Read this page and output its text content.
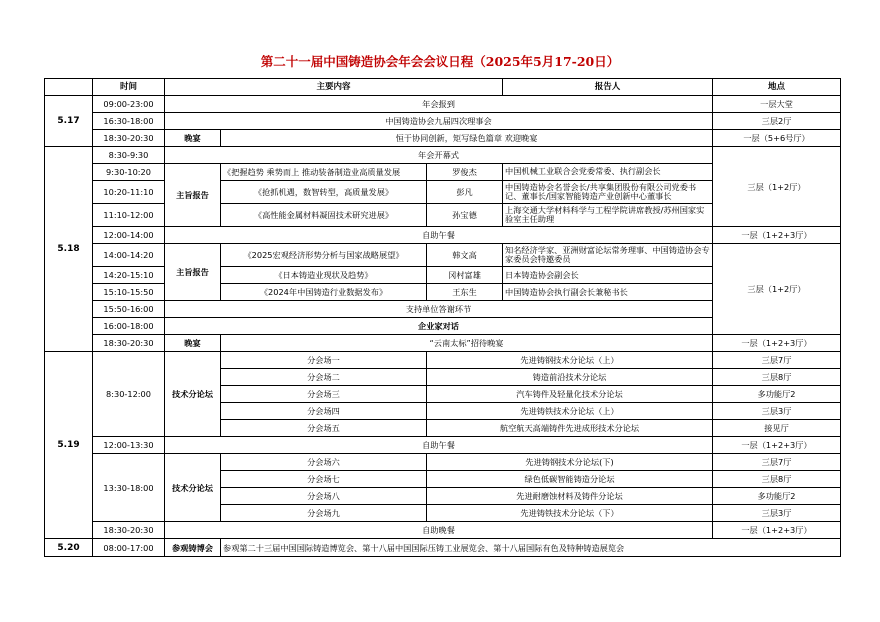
第二十一届中国铸造协会年会会议日程（2025年5月17-20日）
	时间	主要内容			报告人	地点
5.17	09:00-23:00	年会报到				一层大堂
	16:30-18:00	中国铸造协会九届四次理事会				三层2厅
	18:30-20:30	晚宴	恒于协同创新，矩写绿色篇章 欢迎晚宴			一层（5+6号厅）
5.18	8:30-9:30	年会开幕式				三层（1+2厅）
	9:30-10:20	主旨报告	《把握趋势 乘势而上 推动装备制造业高质量发展	罗俊杰	中国机械工业联合会党委常委、执行副会长	
	10:20-11:10		《抢抓机遇，数智转型，高质量发展》	彭凡	中国铸造协会名誉会长/共享集团股份有限公司党委书记、董事长/国家智能铸造产业创新中心董事长	
	11:10-12:00		《高性能金属材料凝固技术研究进展》	孙宝德	上海交通大学材料科学与工程学院讲席教授/苏州国家实验室主任助理	
	12:00-14:00	自助午餐				一层（1+2+3厅）
	14:00-14:20	主旨报告	《2025宏观经济形势分析与国家战略展望》	韩文高	知名经济学家、亚洲财富论坛常务理事、中国铸造协会专家委员会特邀委员	三层（1+2厅）
	14:20-15:10		《日本铸造业现状及趋势》	冈村富雄	日本铸造协会副会长	
	15:10-15:50		《2024年中国铸造行业数据发布》	王东生	中国铸造协会执行副会长兼秘书长	
	15:50-16:00	支持单位答谢环节				
	16:00-18:00	企业家对话				
	18:30-20:30	晚宴	“云南太标”招待晚宴			一层（1+2+3厅）
5.19	8:30-12:00	技术分论坛	分会场一	先进铸钢技术分论坛（上）		三层7厅
			分会场二	铸造前沿技术分论坛		三层8厅
			分会场三	汽车铸件及轻量化技术分论坛		多功能厅2
			分会场四	先进铸铁技术分论坛（上）		三层3厅
			分会场五	航空航天高端铸件先进成形技术分论坛		接见厅
	12:00-13:30	自助午餐				一层（1+2+3厅）
	13:30-18:00	技术分论坛	分会场六	先进铸钢技术分论坛(下)		三层7厅
			分会场七	绿色低碳智能铸造分论坛		三层8厅
			分会场八	先进耐磨蚀材料及铸件分论坛		多功能厅2
			分会场九	先进铸铁技术分论坛（下）		三层3厅
	18:30-20:30	自助晚餐				一层（1+2+3厅）
5.20	08:00-17:00	参观铸博会	参观第二十三届中国国际铸造博览会、第十八届中国国际压铸工业展览会、第十八届国际有色及特种铸造展览会			
